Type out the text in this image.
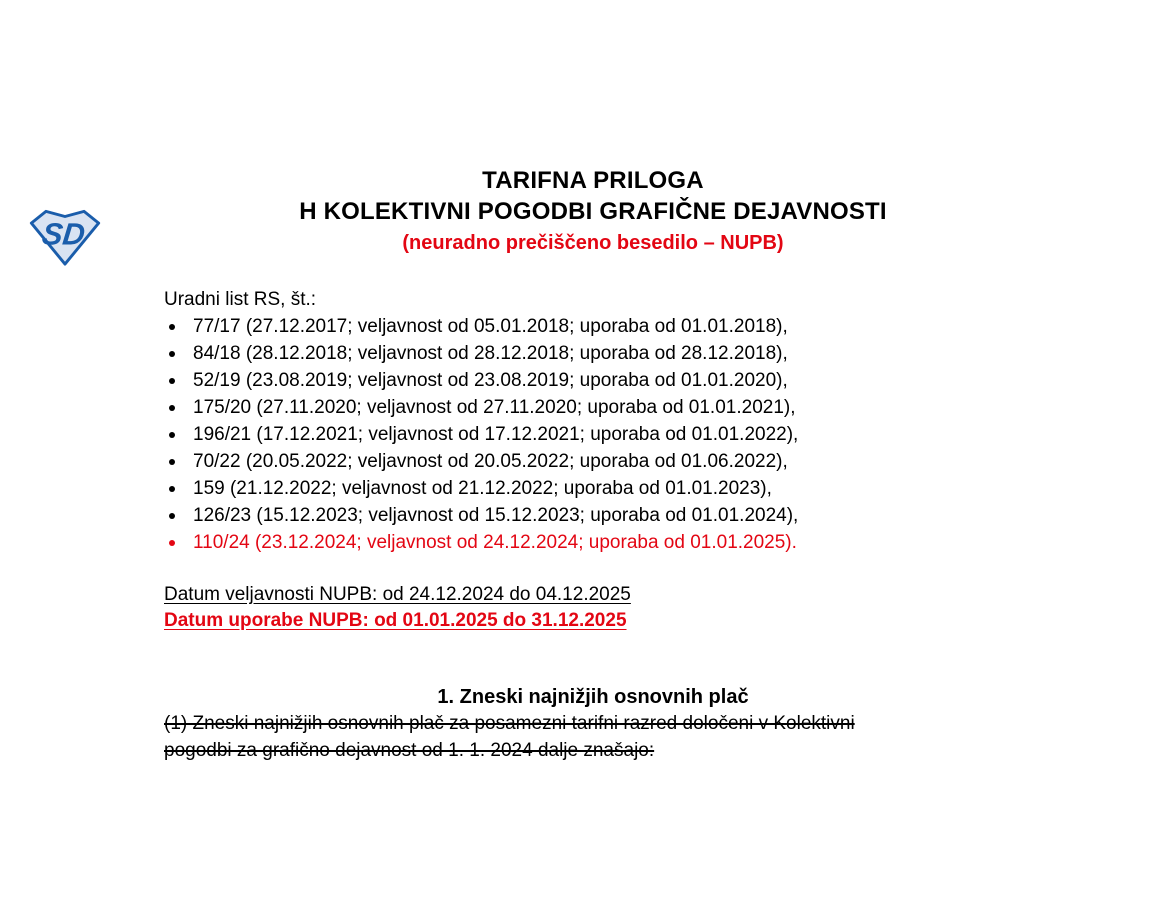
SD
TARIFNA PRILOGA
H KOLEKTIVNI POGODBI GRAFIČNE DEJAVNOSTI
(neuradno prečiščeno besedilo – NUPB)
Uradni list RS, št.:
77/17 (27.12.2017; veljavnost od 05.01.2018; uporaba od 01.01.2018),
84/18 (28.12.2018; veljavnost od 28.12.2018; uporaba od 28.12.2018),
52/19 (23.08.2019; veljavnost od 23.08.2019; uporaba od 01.01.2020),
175/20 (27.11.2020; veljavnost od 27.11.2020; uporaba od 01.01.2021),
196/21 (17.12.2021; veljavnost od 17.12.2021; uporaba od 01.01.2022),
70/22 (20.05.2022; veljavnost od 20.05.2022; uporaba od 01.06.2022),
159 (21.12.2022; veljavnost od 21.12.2022; uporaba od 01.01.2023),
126/23 (15.12.2023; veljavnost od 15.12.2023; uporaba od 01.01.2024),
110/24 (23.12.2024; veljavnost od 24.12.2024; uporaba od 01.01.2025).
Datum veljavnosti NUPB: od 24.12.2024 do 04.12.2025
Datum uporabe NUPB: od 01.01.2025 do 31.12.2025
1. Zneski najnižjih osnovnih plač
(1) Zneski najnižjih osnovnih plač za posamezni tarifni razred določeni v Kolektivni
pogodbi za grafično dejavnost od 1. 1. 2024 dalje znašajo:
